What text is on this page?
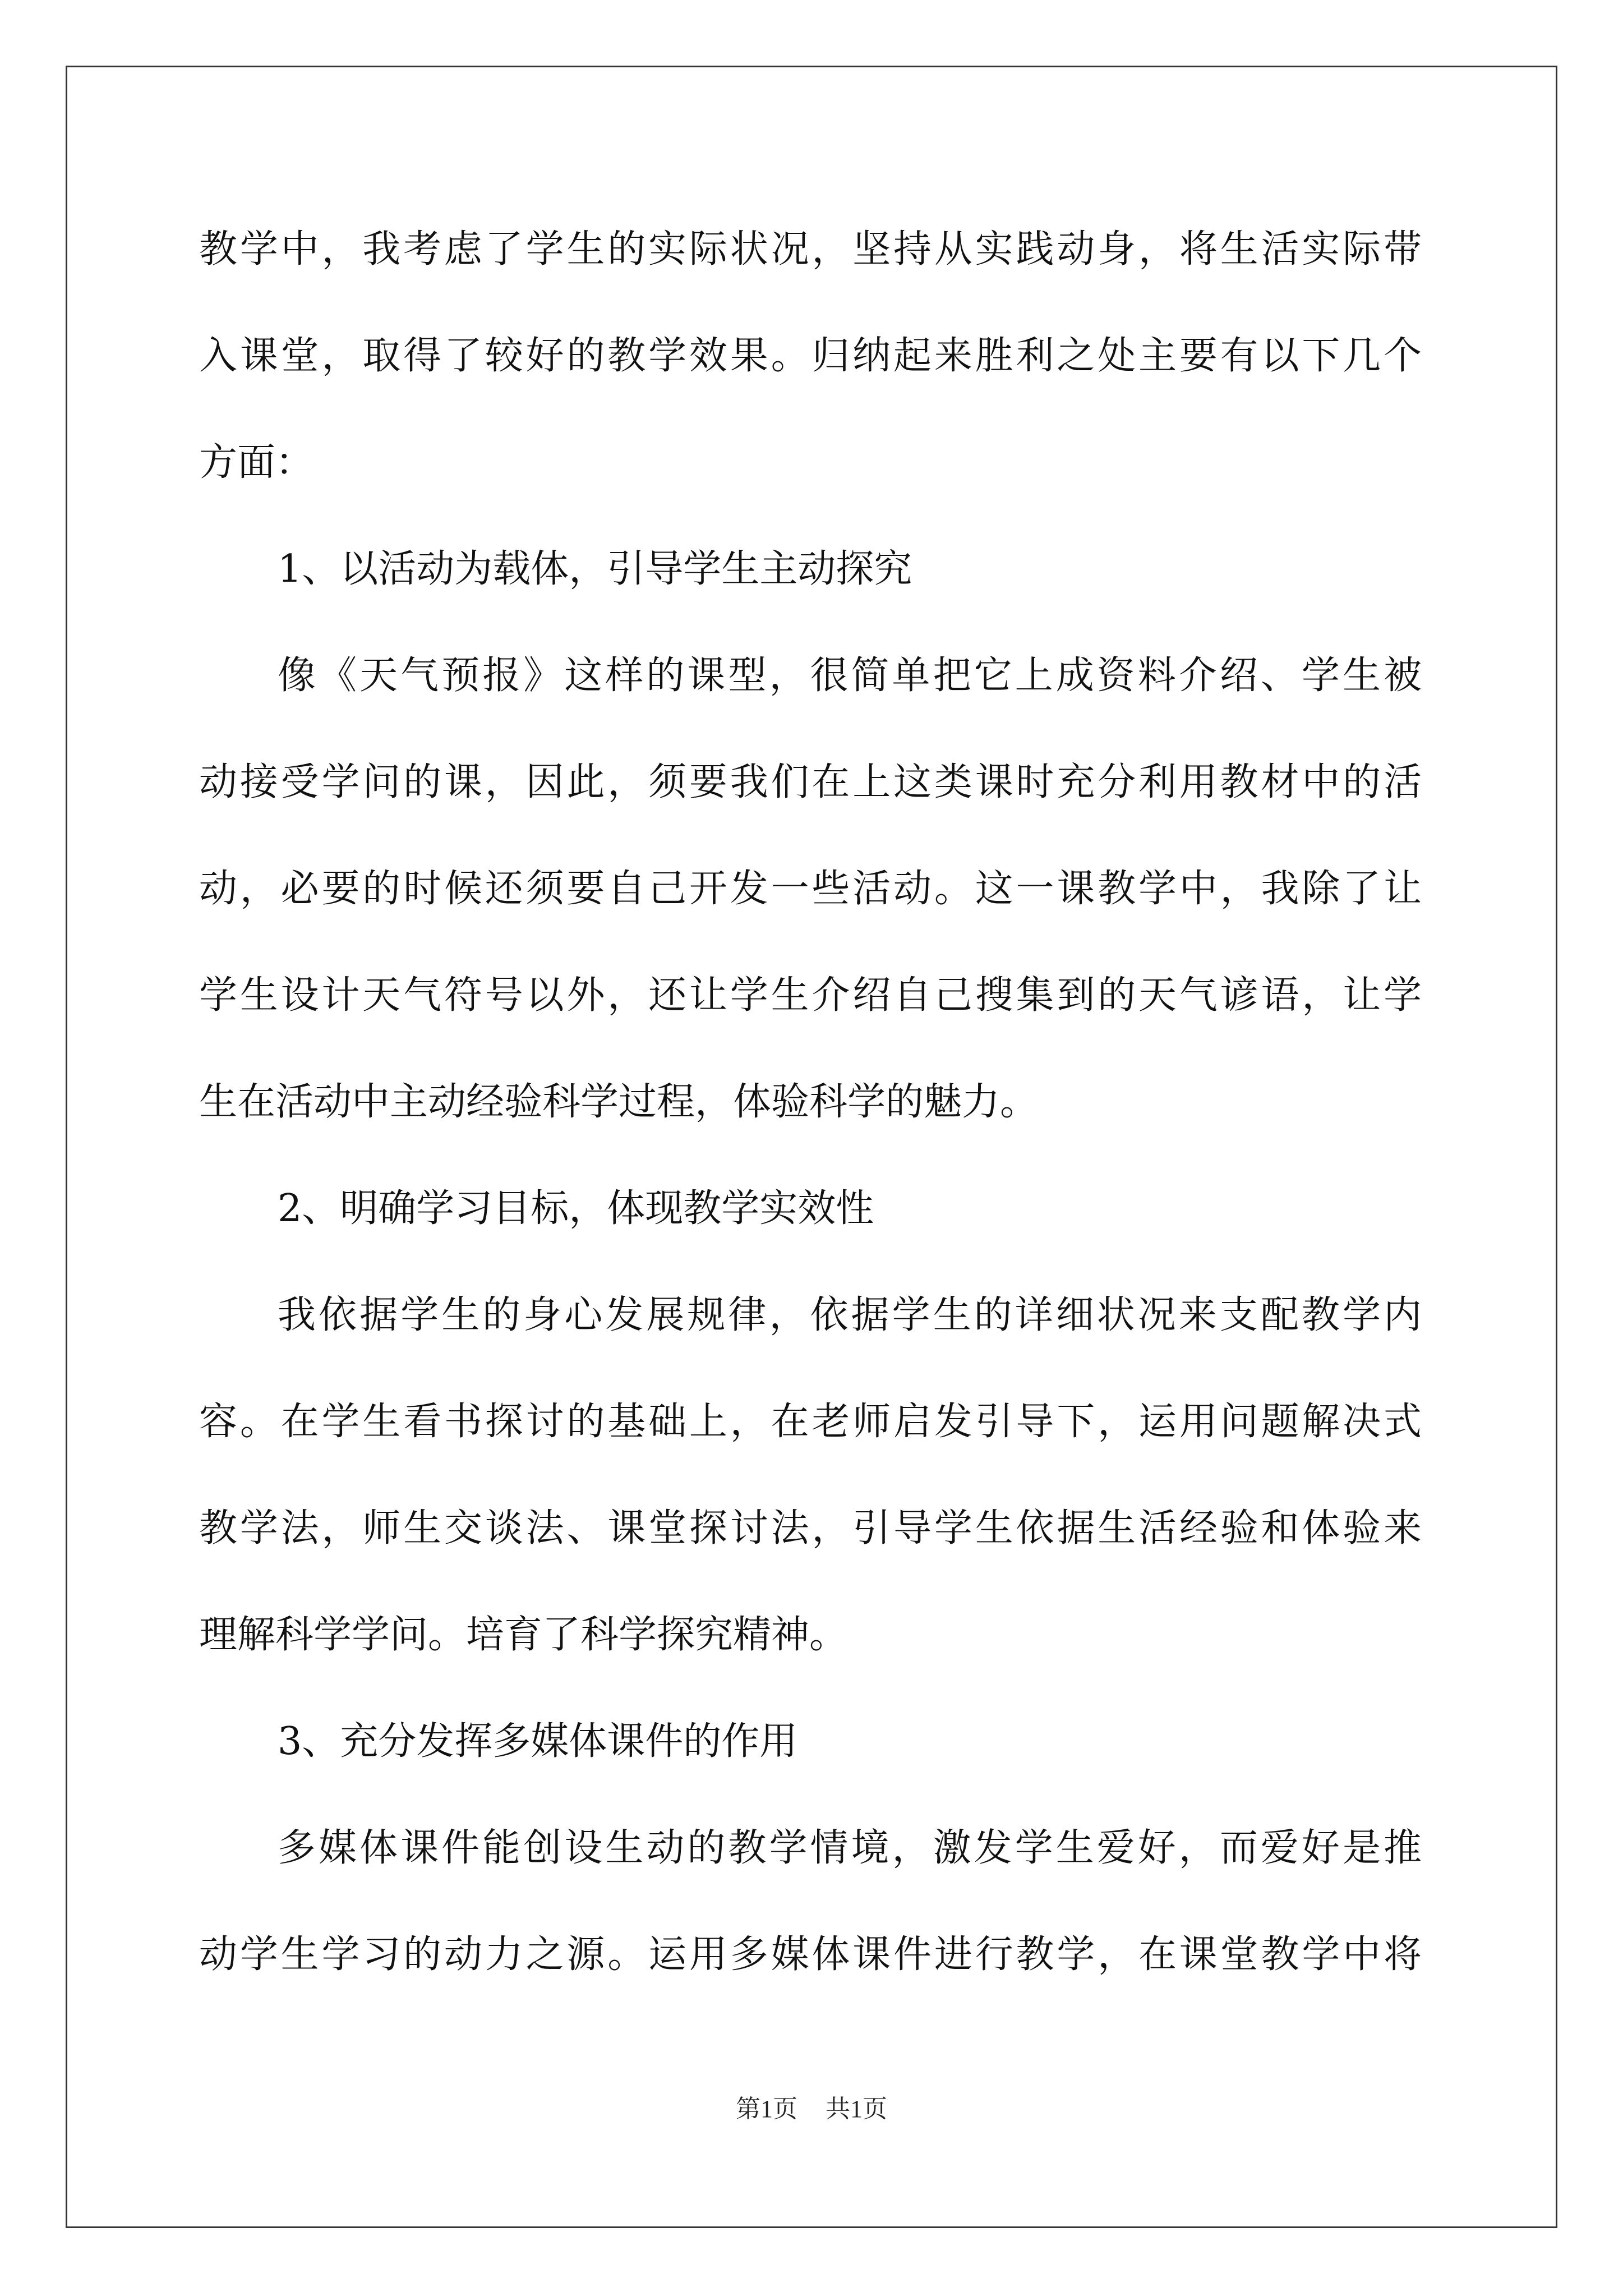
教学中，我考虑了学生的实际状况，坚持从实践动身，将生活实际带
入课堂，取得了较好的教学效果。归纳起来胜利之处主要有以下几个
方面：
1、以活动为载体，引导学生主动探究
像《天气预报》这样的课型，很简单把它上成资料介绍、学生被
动接受学问的课，因此，须要我们在上这类课时充分利用教材中的活
动，必要的时候还须要自己开发一些活动。这一课教学中，我除了让
学生设计天气符号以外，还让学生介绍自己搜集到的天气谚语，让学
生在活动中主动经验科学过程，体验科学的魅力。
2、明确学习目标，体现教学实效性
我依据学生的身心发展规律，依据学生的详细状况来支配教学内
容。在学生看书探讨的基础上，在老师启发引导下，运用问题解决式
教学法，师生交谈法、课堂探讨法，引导学生依据生活经验和体验来
理解科学学问。培育了科学探究精神。
3、充分发挥多媒体课件的作用
多媒体课件能创设生动的教学情境，激发学生爱好，而爱好是推
动学生学习的动力之源。运用多媒体课件进行教学，在课堂教学中将
第1页 共1页
